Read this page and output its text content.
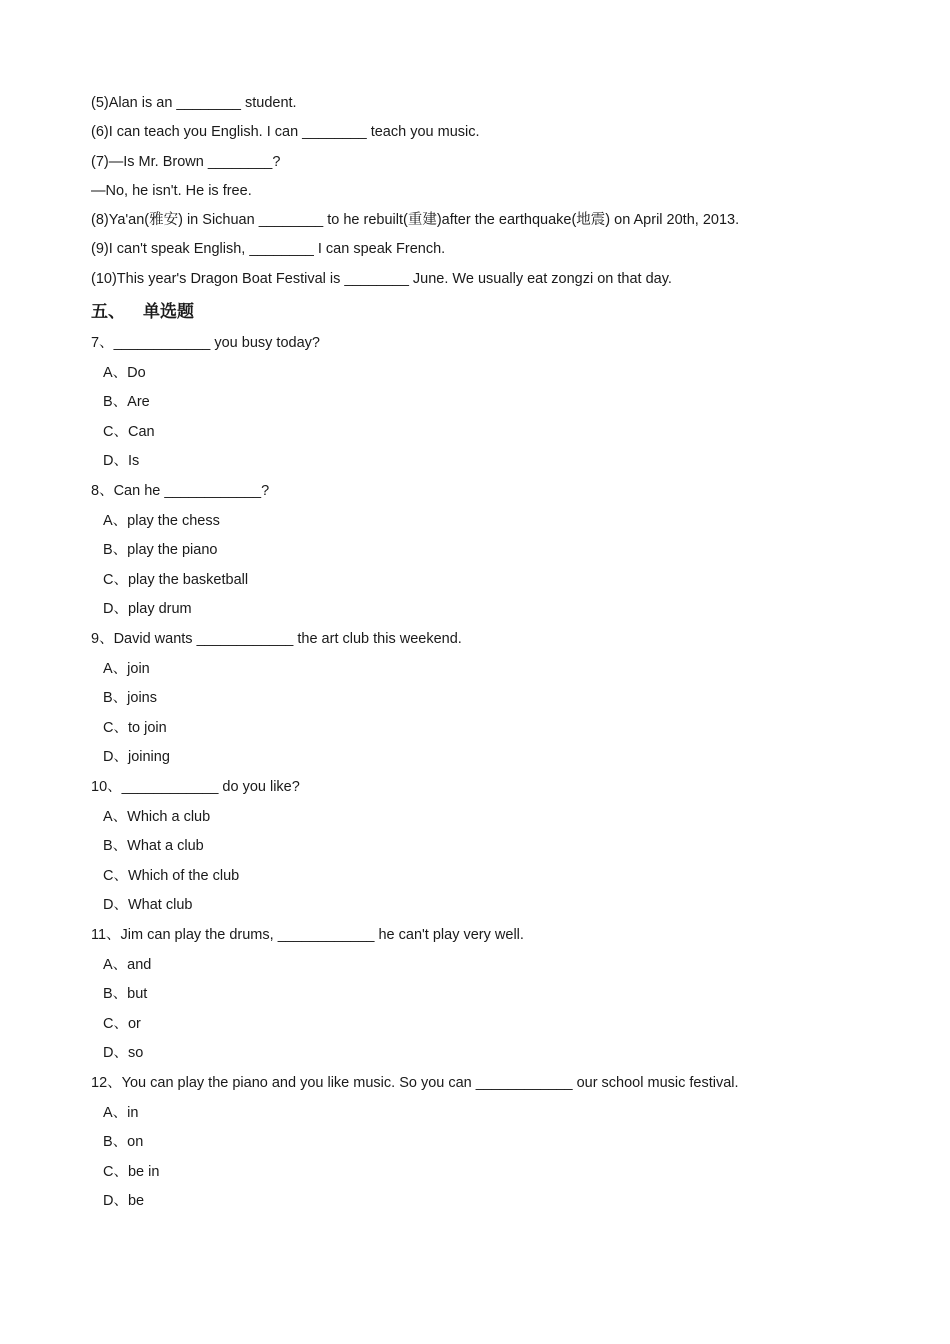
(5)Alan is an ________ student.

(6)I can teach you English. I can ________ teach you music.

(7)—Is Mr. Brown ________?

—No, he isn't. He is free.

(8)Ya'an(雅安) in Sichuan ________ to he rebuilt(重建)after the earthquake(地震) on April 20th, 2013.

(9)I can't speak English, ________ I can speak French.

(10)This year's Dragon Boat Festival is ________ June. We usually eat zongzi on that day.

五、 单选题

7、____________ you busy today?

A、Do

B、Are

C、Can

D、Is

8、Can he ____________?

A、play the chess

B、play the piano

C、play the basketball

D、play drum

9、David wants ____________ the art club this weekend.

A、join

B、joins

C、to join

D、joining

10、____________ do you like?

A、Which a club

B、What a club

C、Which of the club

D、What club

11、Jim can play the drums, ____________ he can't play very well.

A、and

B、but

C、or

D、so

12、You can play the piano and you like music. So you can ____________ our school music festival.

A、in

B、on

C、be in

D、be
